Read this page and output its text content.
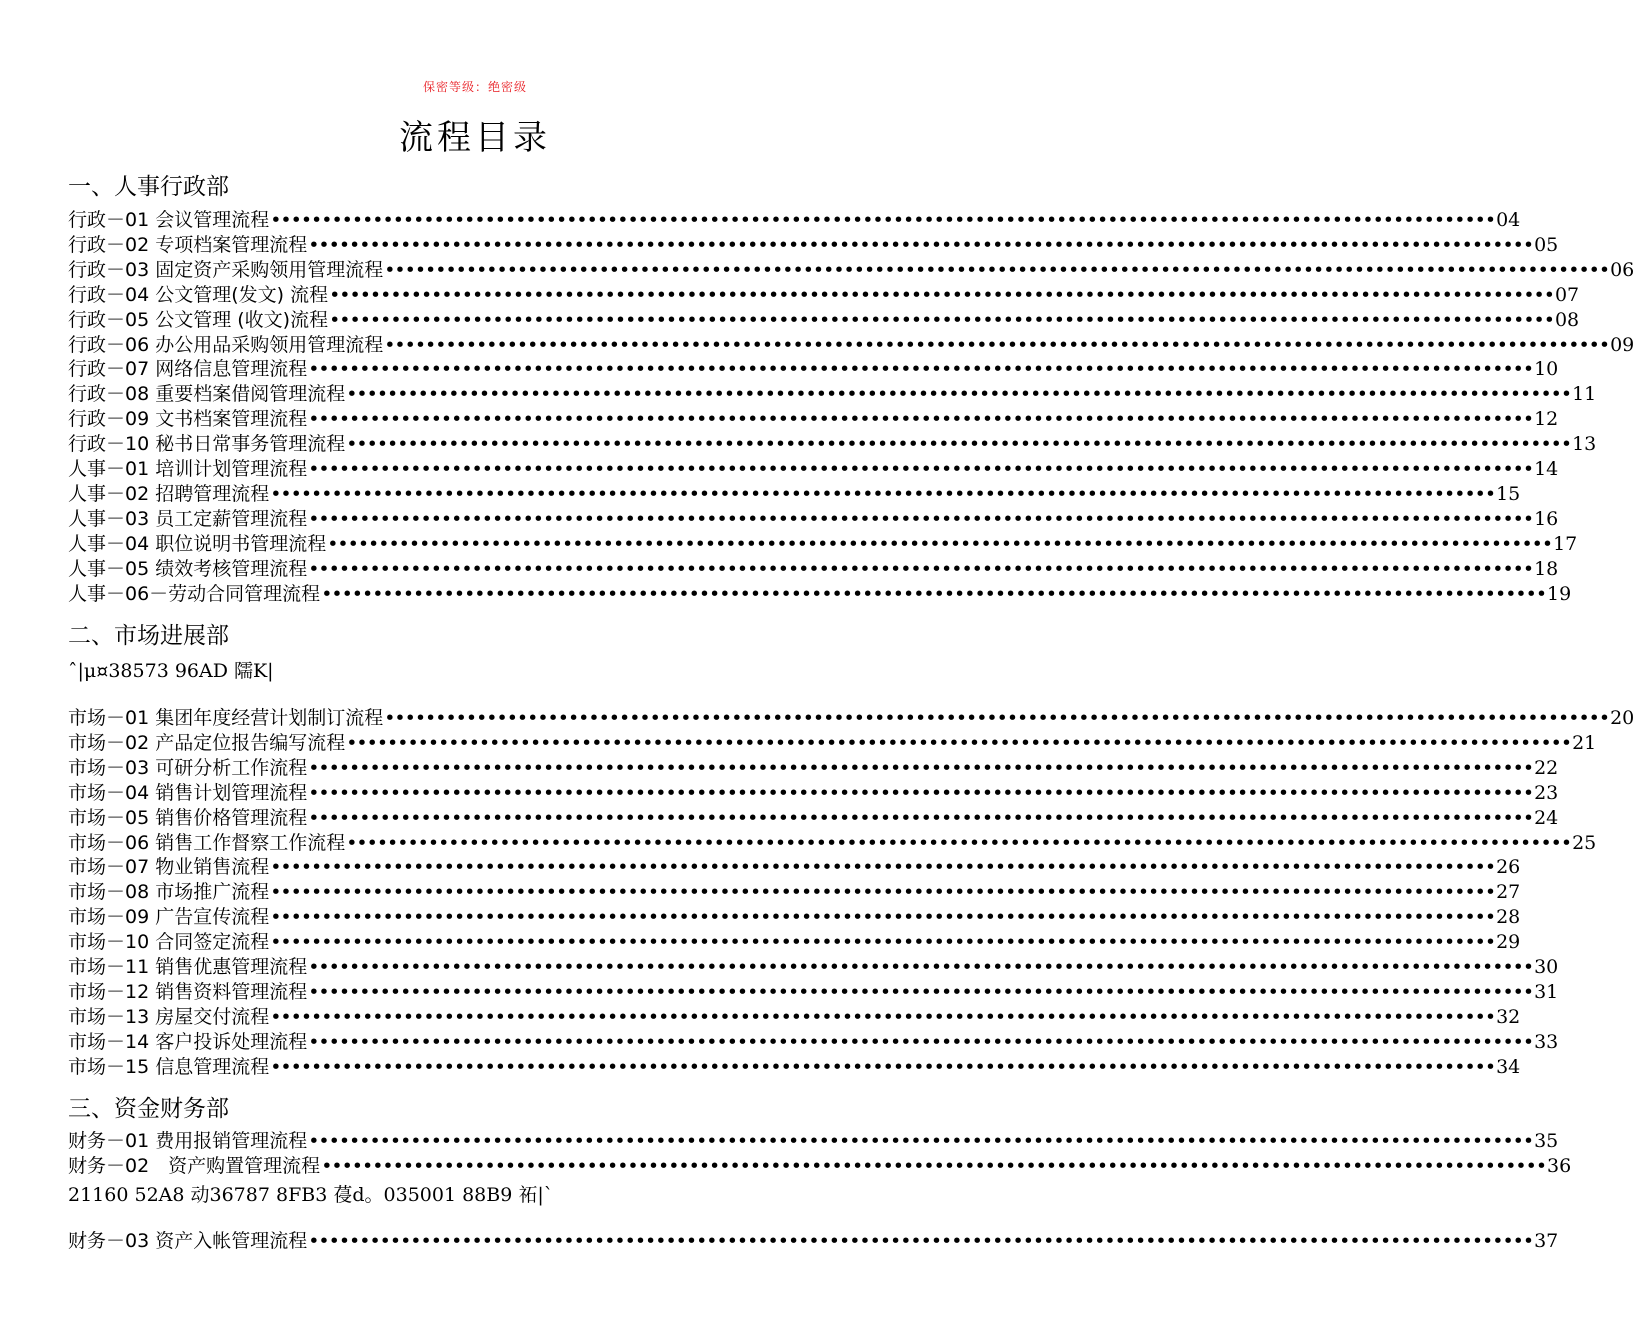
保密等级：绝密级
流程目录
一、人事行政部
行政－01 会议管理流程 •••••••••••••••••••••••••••••••••••••••••••••••••••••••••••••••••••••••••••••••••••••••••••••••••••••••••••••••••••••••• 04
行政－02 专项档案管理流程 •••••••••••••••••••••••••••••••••••••••••••••••••••••••••••••••••••••••••••••••••••••••••••••••••••••••••••••••••••••••• 05
行政－03 固定资产采购领用管理流程 •••••••••••••••••••••••••••••••••••••••••••••••••••••••••••••••••••••••••••••••••••••••••••••••••••••••••••••••••••••••• 06
行政－04 公文管理(发文) 流程 •••••••••••••••••••••••••••••••••••••••••••••••••••••••••••••••••••••••••••••••••••••••••••••••••••••••••••••••••••••••• 07
行政－05 公文管理 (收文)流程 •••••••••••••••••••••••••••••••••••••••••••••••••••••••••••••••••••••••••••••••••••••••••••••••••••••••••••••••••••••••• 08
行政－06 办公用品采购领用管理流程 •••••••••••••••••••••••••••••••••••••••••••••••••••••••••••••••••••••••••••••••••••••••••••••••••••••••••••••••••••••••• 09
行政－07 网络信息管理流程 •••••••••••••••••••••••••••••••••••••••••••••••••••••••••••••••••••••••••••••••••••••••••••••••••••••••••••••••••••••••• 10
行政－08 重要档案借阅管理流程 •••••••••••••••••••••••••••••••••••••••••••••••••••••••••••••••••••••••••••••••••••••••••••••••••••••••••••••••••••••••• 11
行政－09 文书档案管理流程 •••••••••••••••••••••••••••••••••••••••••••••••••••••••••••••••••••••••••••••••••••••••••••••••••••••••••••••••••••••••• 12
行政－10 秘书日常事务管理流程 •••••••••••••••••••••••••••••••••••••••••••••••••••••••••••••••••••••••••••••••••••••••••••••••••••••••••••••••••••••••• 13
人事－01 培训计划管理流程 •••••••••••••••••••••••••••••••••••••••••••••••••••••••••••••••••••••••••••••••••••••••••••••••••••••••••••••••••••••••• 14
人事－02 招聘管理流程 •••••••••••••••••••••••••••••••••••••••••••••••••••••••••••••••••••••••••••••••••••••••••••••••••••••••••••••••••••••••• 15
人事－03 员工定薪管理流程 •••••••••••••••••••••••••••••••••••••••••••••••••••••••••••••••••••••••••••••••••••••••••••••••••••••••••••••••••••••••• 16
人事－04 职位说明书管理流程 •••••••••••••••••••••••••••••••••••••••••••••••••••••••••••••••••••••••••••••••••••••••••••••••••••••••••••••••••••••••• 17
人事－05 绩效考核管理流程 •••••••••••••••••••••••••••••••••••••••••••••••••••••••••••••••••••••••••••••••••••••••••••••••••••••••••••••••••••••••• 18
人事－06－劳动合同管理流程 •••••••••••••••••••••••••••••••••••••••••••••••••••••••••••••••••••••••••••••••••••••••••••••••••••••••••••••••••••••••• 19
二、市场进展部
ˆ|μ¤38573 96AD 隭K|
市场－01 集团年度经营计划制订流程 •••••••••••••••••••••••••••••••••••••••••••••••••••••••••••••••••••••••••••••••••••••••••••••••••••••••••••••••••••••••• 20
市场－02 产品定位报告编写流程 •••••••••••••••••••••••••••••••••••••••••••••••••••••••••••••••••••••••••••••••••••••••••••••••••••••••••••••••••••••••• 21
市场－03 可研分析工作流程 •••••••••••••••••••••••••••••••••••••••••••••••••••••••••••••••••••••••••••••••••••••••••••••••••••••••••••••••••••••••• 22
市场－04 销售计划管理流程 •••••••••••••••••••••••••••••••••••••••••••••••••••••••••••••••••••••••••••••••••••••••••••••••••••••••••••••••••••••••• 23
市场－05 销售价格管理流程 •••••••••••••••••••••••••••••••••••••••••••••••••••••••••••••••••••••••••••••••••••••••••••••••••••••••••••••••••••••••• 24
市场－06 销售工作督察工作流程 •••••••••••••••••••••••••••••••••••••••••••••••••••••••••••••••••••••••••••••••••••••••••••••••••••••••••••••••••••••••• 25
市场－07 物业销售流程 •••••••••••••••••••••••••••••••••••••••••••••••••••••••••••••••••••••••••••••••••••••••••••••••••••••••••••••••••••••••• 26
市场－08 市场推广流程 •••••••••••••••••••••••••••••••••••••••••••••••••••••••••••••••••••••••••••••••••••••••••••••••••••••••••••••••••••••••• 27
市场－09 广告宣传流程 •••••••••••••••••••••••••••••••••••••••••••••••••••••••••••••••••••••••••••••••••••••••••••••••••••••••••••••••••••••••• 28
市场－10 合同签定流程 •••••••••••••••••••••••••••••••••••••••••••••••••••••••••••••••••••••••••••••••••••••••••••••••••••••••••••••••••••••••• 29
市场－11 销售优惠管理流程 •••••••••••••••••••••••••••••••••••••••••••••••••••••••••••••••••••••••••••••••••••••••••••••••••••••••••••••••••••••••• 30
市场－12 销售资料管理流程 •••••••••••••••••••••••••••••••••••••••••••••••••••••••••••••••••••••••••••••••••••••••••••••••••••••••••••••••••••••••• 31
市场－13 房屋交付流程 •••••••••••••••••••••••••••••••••••••••••••••••••••••••••••••••••••••••••••••••••••••••••••••••••••••••••••••••••••••••• 32
市场－14 客户投诉处理流程 •••••••••••••••••••••••••••••••••••••••••••••••••••••••••••••••••••••••••••••••••••••••••••••••••••••••••••••••••••••••• 33
市场－15 信息管理流程 •••••••••••••••••••••••••••••••••••••••••••••••••••••••••••••••••••••••••••••••••••••••••••••••••••••••••••••••••••••••• 34
三、资金财务部
财务－01 费用报销管理流程 •••••••••••••••••••••••••••••••••••••••••••••••••••••••••••••••••••••••••••••••••••••••••••••••••••••••••••••••••••••••• 35
财务－02　资产购置管理流程 •••••••••••••••••••••••••••••••••••••••••••••••••••••••••••••••••••••••••••••••••••••••••••••••••••••••••••••••••••••••• 36
财务－03 资产入帐管理流程 •••••••••••••••••••••••••••••••••••••••••••••••••••••••••••••••••••••••••••••••••••••••••••••••••••••••••••••••••••••••• 37
21160 52A8 动36787 8FB3 葠d。035001 88B9 祏|`
